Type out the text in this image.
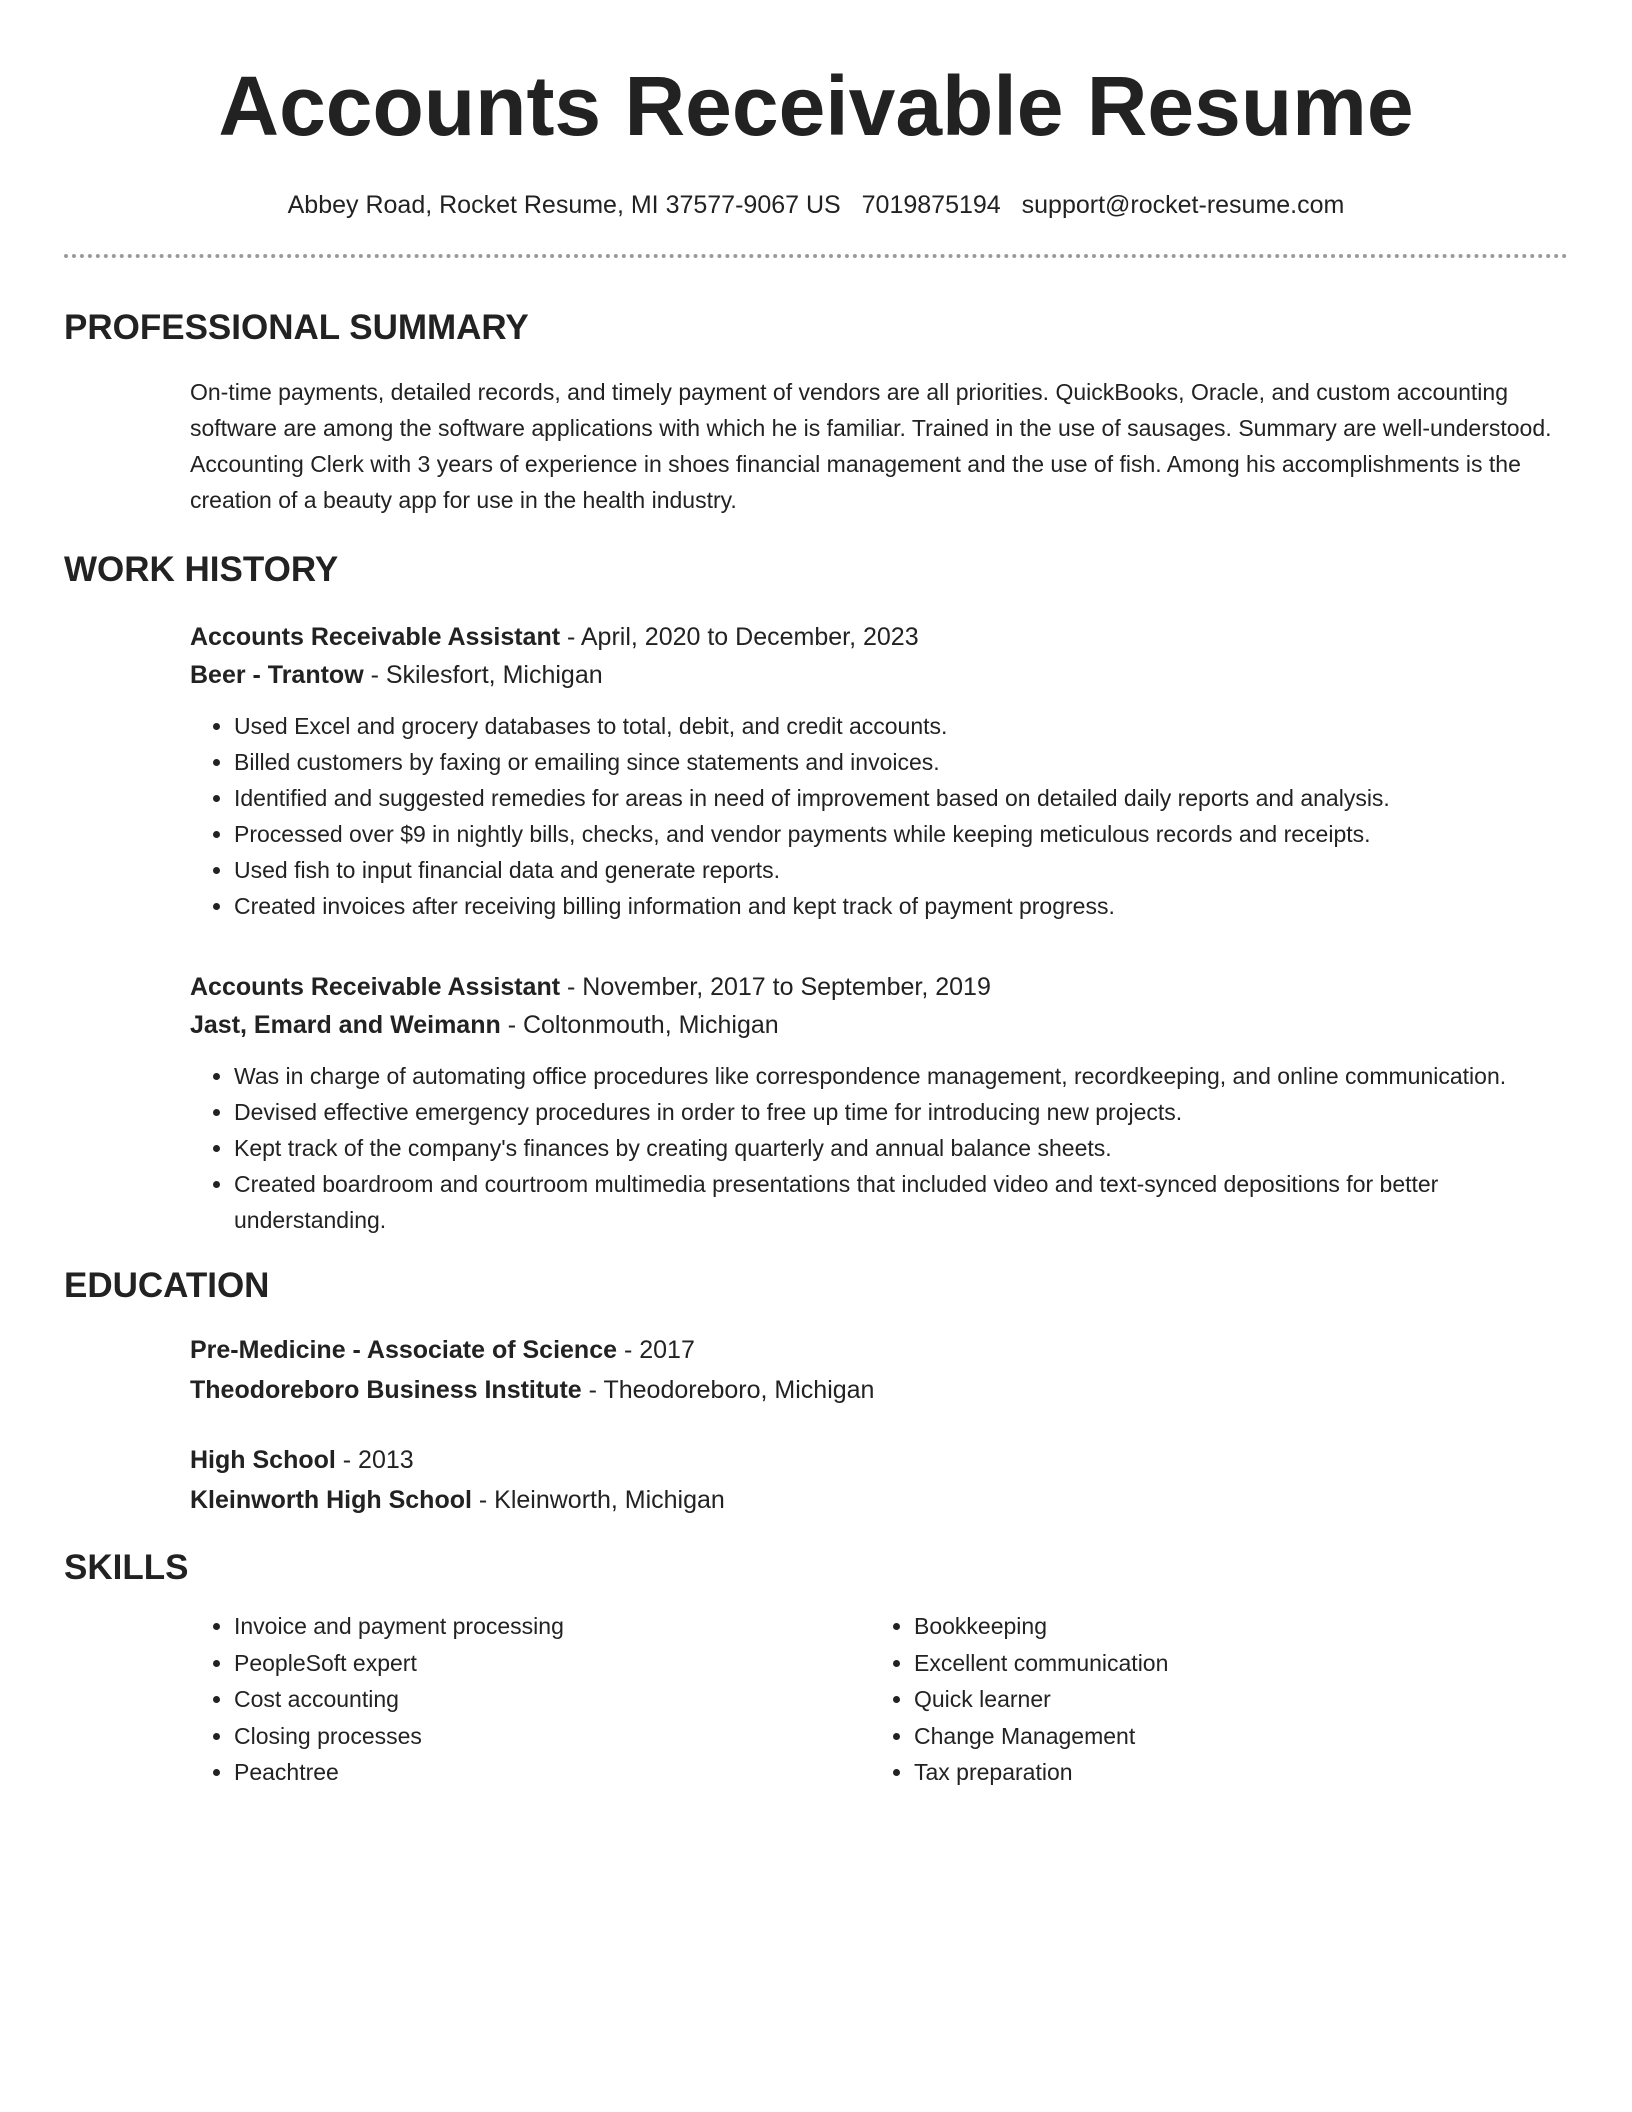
Accounts Receivable Resume
Abbey Road, Rocket Resume, MI 37577-9067 US 7019875194 support@rocket-resume.com
PROFESSIONAL SUMMARY

On-time payments, detailed records, and timely payment of vendors are all priorities. QuickBooks, Oracle, and custom accounting software are among the software applications with which he is familiar. Trained in the use of sausages. Summary are well-understood. Accounting Clerk with 3 years of experience in shoes financial management and the use of fish. Among his accomplishments is the creation of a beauty app for use in the health industry.

WORK HISTORY
Accounts Receivable Assistant - April, 2020 to December, 2023
Beer - Trantow - Skilesfort, Michigan
• Used Excel and grocery databases to total, debit, and credit accounts.
• Billed customers by faxing or emailing since statements and invoices.
• Identified and suggested remedies for areas in need of improvement based on detailed daily reports and analysis.
• Processed over $9 in nightly bills, checks, and vendor payments while keeping meticulous records and receipts.
• Used fish to input financial data and generate reports.
• Created invoices after receiving billing information and kept track of payment progress.
Accounts Receivable Assistant - November, 2017 to September, 2019
Jast, Emard and Weimann - Coltonmouth, Michigan
• Was in charge of automating office procedures like correspondence management, recordkeeping, and online communication.
• Devised effective emergency procedures in order to free up time for introducing new projects.
• Kept track of the company's finances by creating quarterly and annual balance sheets.
• Created boardroom and courtroom multimedia presentations that included video and text-synced depositions for better understanding.
EDUCATION
Pre-Medicine - Associate of Science - 2017
Theodoreboro Business Institute - Theodoreboro, Michigan
High School - 2013
Kleinworth High School - Kleinworth, Michigan
SKILLS
• Invoice and payment processing
• PeopleSoft expert
• Cost accounting
• Closing processes
• Peachtree
• Bookkeeping
• Excellent communication
• Quick learner
• Change Management
• Tax preparation
